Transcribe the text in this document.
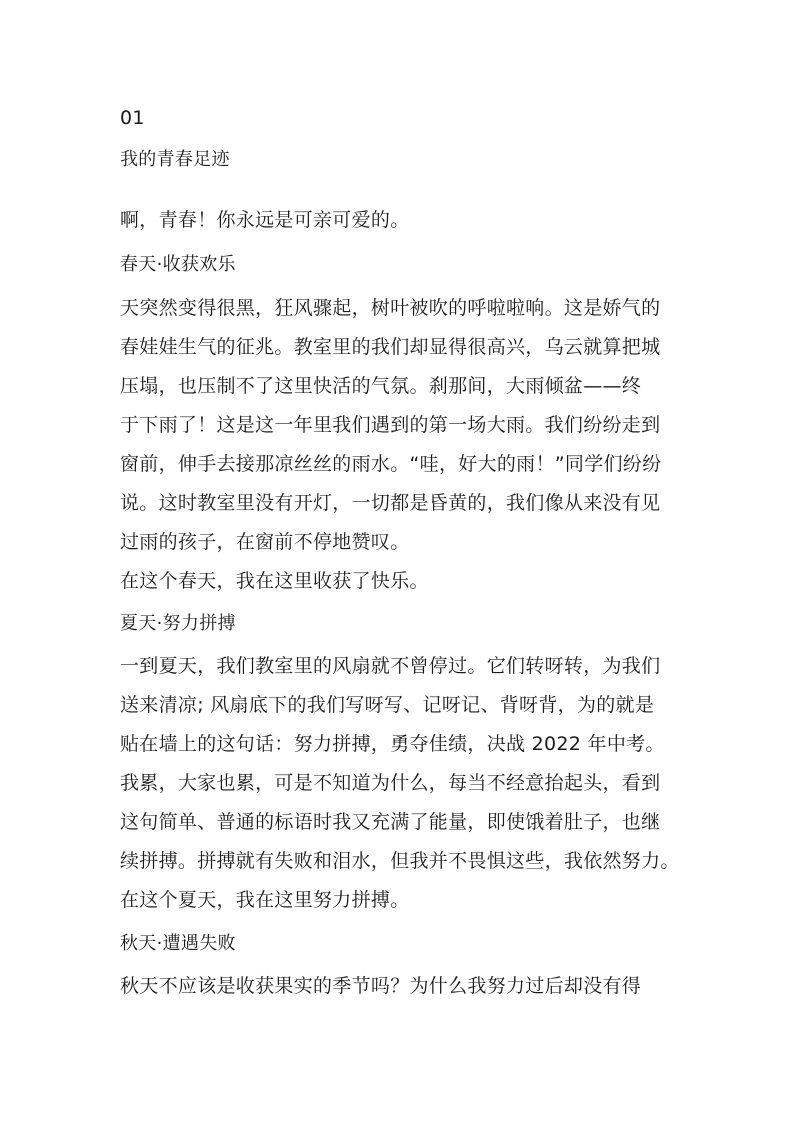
01
我的青春足迹
啊，青春！你永远是可亲可爱的。
春天·收获欢乐
天突然变得很黑，狂风骤起，树叶被吹的呼啦啦响。这是娇气的
春娃娃生气的征兆。教室里的我们却显得很高兴，乌云就算把城
压塌，也压制不了这里快活的气氛。刹那间，大雨倾盆——终
于下雨了！这是这一年里我们遇到的第一场大雨。我们纷纷走到
窗前，伸手去接那凉丝丝的雨水。“哇，好大的雨！”同学们纷纷
说。这时教室里没有开灯，一切都是昏黄的，我们像从来没有见
过雨的孩子，在窗前不停地赞叹。
在这个春天，我在这里收获了快乐。
夏天·努力拼搏
一到夏天，我们教室里的风扇就不曾停过。它们转呀转，为我们
送来清凉; 风扇底下的我们写呀写、记呀记、背呀背，为的就是
贴在墙上的这句话：努力拼搏，勇夺佳绩，决战 2022 年中考。
我累，大家也累，可是不知道为什么，每当不经意抬起头，看到
这句简单、普通的标语时我又充满了能量，即使饿着肚子，也继
续拼搏。拼搏就有失败和泪水，但我并不畏惧这些，我依然努力。
在这个夏天，我在这里努力拼搏。
秋天·遭遇失败
秋天不应该是收获果实的季节吗？为什么我努力过后却没有得
